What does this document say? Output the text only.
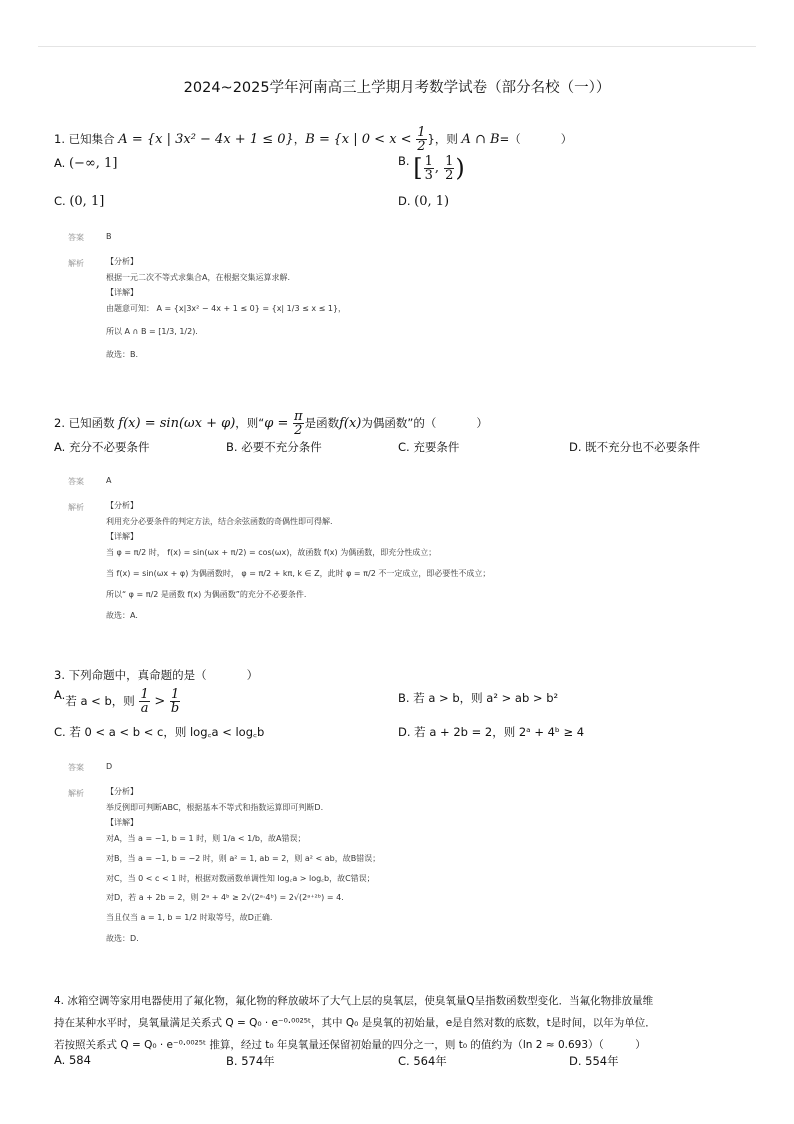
2024~2025学年河南高三上学期月考数学试卷（部分名校（一））
1. 已知集合 A = {x | 3x² − 4x + 1 ≤ 0}，B = {x | $0 < x < \frac{1}{2}$ }，则 A ∩ B=（	）
A. (−∞, 1]	B. [ $\frac{1}{3}$ , $\frac{1}{2}$ )
C. (0, 1]	D. (0, 1)
答案	B
解析	【分析】
根据一元二次不等式求集合A，在根据交集运算求解.
【详解】
由题意可知： A = {x|3x² − 4x + 1 ≤ 0} = {x| 1/3 ≤ x ≤ 1}，
所以 A ∩ B = [1/3, 1/2).
故选：B.
2. 已知函数 f(x) = sin(ωx + φ)，则“$\varphi = \frac{\pi}{2}$ 是函数f(x)为偶函数”的（	）
A. 充分不必要条件	B. 必要不充分条件	C. 充要条件	D. 既不充分也不必要条件
答案	A
解析	【分析】
利用充分必要条件的判定方法，结合余弦函数的奇偶性即可得解.
【详解】
当 φ = π/2 时， f(x) = sin(ωx + π/2) = cos(ωx)，故函数 f(x) 为偶函数，即充分性成立；
当 f(x) = sin(ωx + φ) 为偶函数时， φ = π/2 + kπ, k ∈ Z，此时 φ = π/2 不一定成立，即必要性不成立；
所以“ φ = π/2 是函数 f(x) 为偶函数”的充分不必要条件.
故选：A.
3. 下列命题中，真命题的是（	）
A.若 a < b，则 $\frac{1}{a} > \frac{1}{b}$	B. 若 a > b，则 a² > ab > b²
C. 若 0 < a < b < c，则 log꜀a < log꜀b	D. 若 a + 2b = 2，则 2ᵃ + 4ᵇ ≥ 4
答案	D
解析	【分析】
举反例即可判断ABC，根据基本不等式和指数运算即可判断D.
【详解】
对A，当 a = −1, b = 1 时，则 1/a < 1/b，故A错误；
对B，当 a = −1, b = −2 时，则 a² = 1, ab = 2，则 a² < ab，故B错误；
对C，当 0 < c < 1 时，根据对数函数单调性知 log꜀a > log꜀b，故C错误；
对D，若 a + 2b = 2，则 2ᵃ + 4ᵇ ≥ 2√(2ᵃ·4ᵇ) = 2√(2ᵃ⁺²ᵇ) = 4.
当且仅当 a = 1, b = 1/2 时取等号，故D正确.
故选：D.
4. 冰箱空调等家用电器使用了氟化物，氟化物的释放破坏了大气上层的臭氧层，使臭氧量Q呈指数函数型变化．当氟化物排放量维
持在某种水平时，臭氧量满足关系式 Q = Q₀ · e⁻⁰·⁰⁰²⁵ᵗ，其中 Q₀ 是臭氧的初始量，e是自然对数的底数，t是时间，以年为单位．
若按照关系式 Q = Q₀ · e⁻⁰·⁰⁰²⁵ᵗ 推算，经过 t₀ 年臭氧量还保留初始量的四分之一，则 t₀ 的值约为（ln 2 ≈ 0.693）（　　　）
A. 584	B. 574年	C. 564年	D. 554年
